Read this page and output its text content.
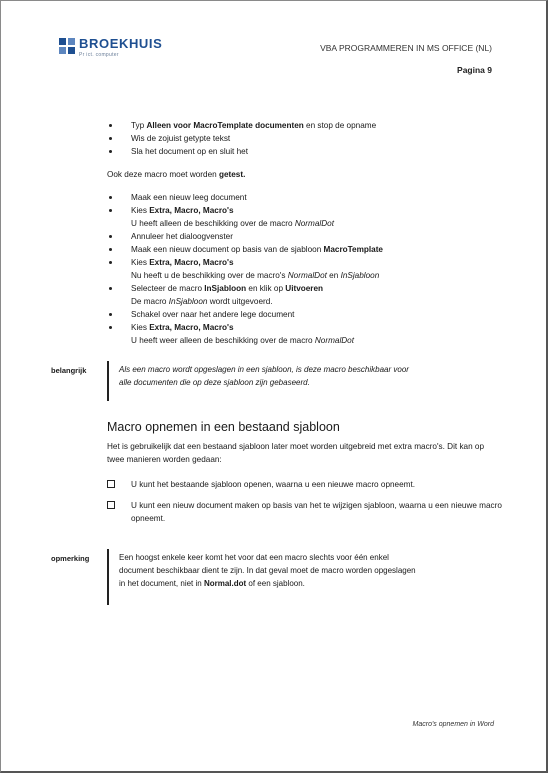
BROEKHUIS
Pr ict. computer
VBA PROGRAMMEREN IN MS OFFICE (NL)
Pagina 9
Typ Alleen voor MacroTemplate documenten en stop de opname
Wis de zojuist getypte tekst
Sla het document op en sluit het

Ook deze macro moet worden getest.

Maak een nieuw leeg document
Kies Extra, Macro, Macro's
U heeft alleen de beschikking over de macro NormalDot
Annuleer het dialoogvenster
Maak een nieuw document op basis van de sjabloon MacroTemplate
Kies Extra, Macro, Macro's
Nu heeft u de beschikking over de macro's NormalDot en InSjabloon
Selecteer de macro InSjabloon en klik op Uitvoeren
De macro InSjabloon wordt uitgevoerd.
Schakel over naar het andere lege document
Kies Extra, Macro, Macro's
U heeft weer alleen de beschikking over de macro NormalDot
belangrijk	Als een macro wordt opgeslagen in een sjabloon, is deze macro beschikbaar voor alle documenten die op deze sjabloon zijn gebaseerd.
Macro opnemen in een bestaand sjabloon

Het is gebruikelijk dat een bestaand sjabloon later moet worden uitgebreid met extra macro's. Dit kan op twee manieren worden gedaan:

U kunt het bestaande sjabloon openen, waarna u een nieuwe macro opneemt.
U kunt een nieuw document maken op basis van het te wijzigen sjabloon, waarna u een nieuwe macro opneemt.
opmerking	Een hoogst enkele keer komt het voor dat een macro slechts voor één enkel document beschikbaar dient te zijn. In dat geval moet de macro worden opgeslagen in het document, niet in Normal.dot of een sjabloon.
Macro's opnemen in Word
